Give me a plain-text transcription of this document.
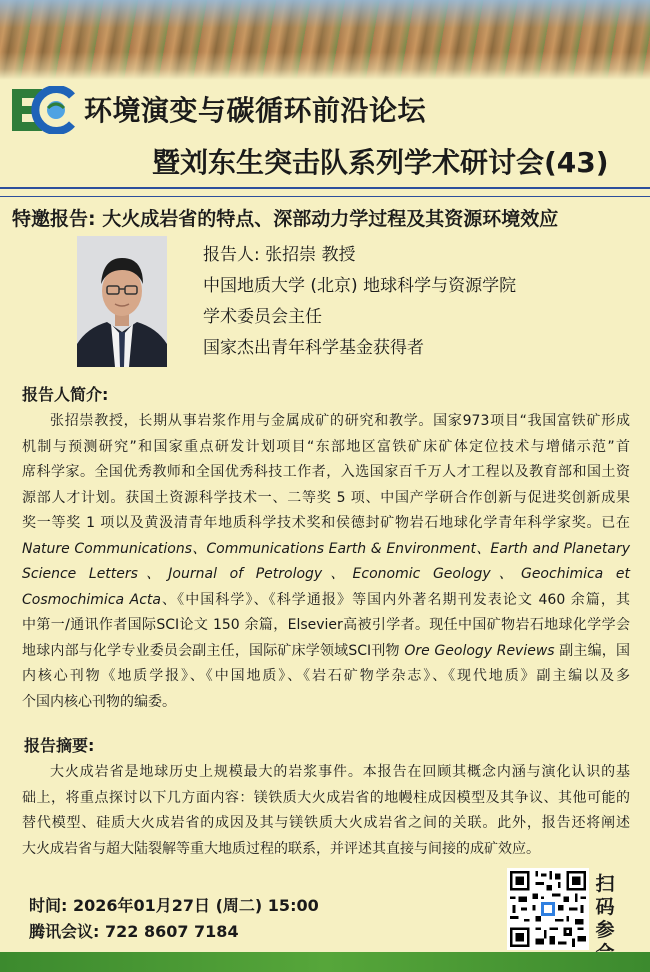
环境演变与碳循环前沿论坛
暨刘东生突击队系列学术研讨会(43)
特邀报告: 大火成岩省的特点、深部动力学过程及其资源环境效应
报告人: 张招崇 教授
中国地质大学 (北京) 地球科学与资源学院
学术委员会主任
国家杰出青年科学基金获得者
报告人简介:
张招崇教授，长期从事岩浆作用与金属成矿的研究和教学。国家973项目“我国富铁矿形成
机制与预测研究”和国家重点研发计划项目“东部地区富铁矿床矿体定位技术与增储示范”首
席科学家。全国优秀教师和全国优秀科技工作者，入选国家百千万人才工程以及教育部和国土资
源部人才计划。获国土资源科学技术一、二等奖 5 项、中国产学研合作创新与促进奖创新成果
奖一等奖 1 项以及黄汲清青年地质科学技术奖和侯德封矿物岩石地球化学青年科学家奖。已在
Nature Communications、Communications Earth & Environment、Earth and Planetary
Science Letters、Journal of Petrology、Economic Geology、Geochimica et
Cosmochimica Acta、《中国科学》、《科学通报》等国内外著名期刊发表论文 460 余篇，其
中第一/通讯作者国际SCI论文 150 余篇，Elsevier高被引学者。现任中国矿物岩石地球化学学会
地球内部与化学专业委员会副主任，国际矿床学领域SCI刊物 Ore Geology Reviews 副主编，国
内核心刊物《地质学报》、《中国地质》、《岩石矿物学杂志》、《现代地质》副主编以及多
个国内核心刊物的编委。
报告摘要:
大火成岩省是地球历史上规模最大的岩浆事件。本报告在回顾其概念内涵与演化认识的基
础上，将重点探讨以下几方面内容：镁铁质大火成岩省的地幔柱成因模型及其争议、其他可能的
替代模型、硅质大火成岩省的成因及其与镁铁质大火成岩省之间的关联。此外，报告还将阐述
大火成岩省与超大陆裂解等重大地质过程的联系，并评述其直接与间接的成矿效应。
时间: 2026年01月27日 (周二) 15:00
腾讯会议: 722 8607 7184
扫
码
参
